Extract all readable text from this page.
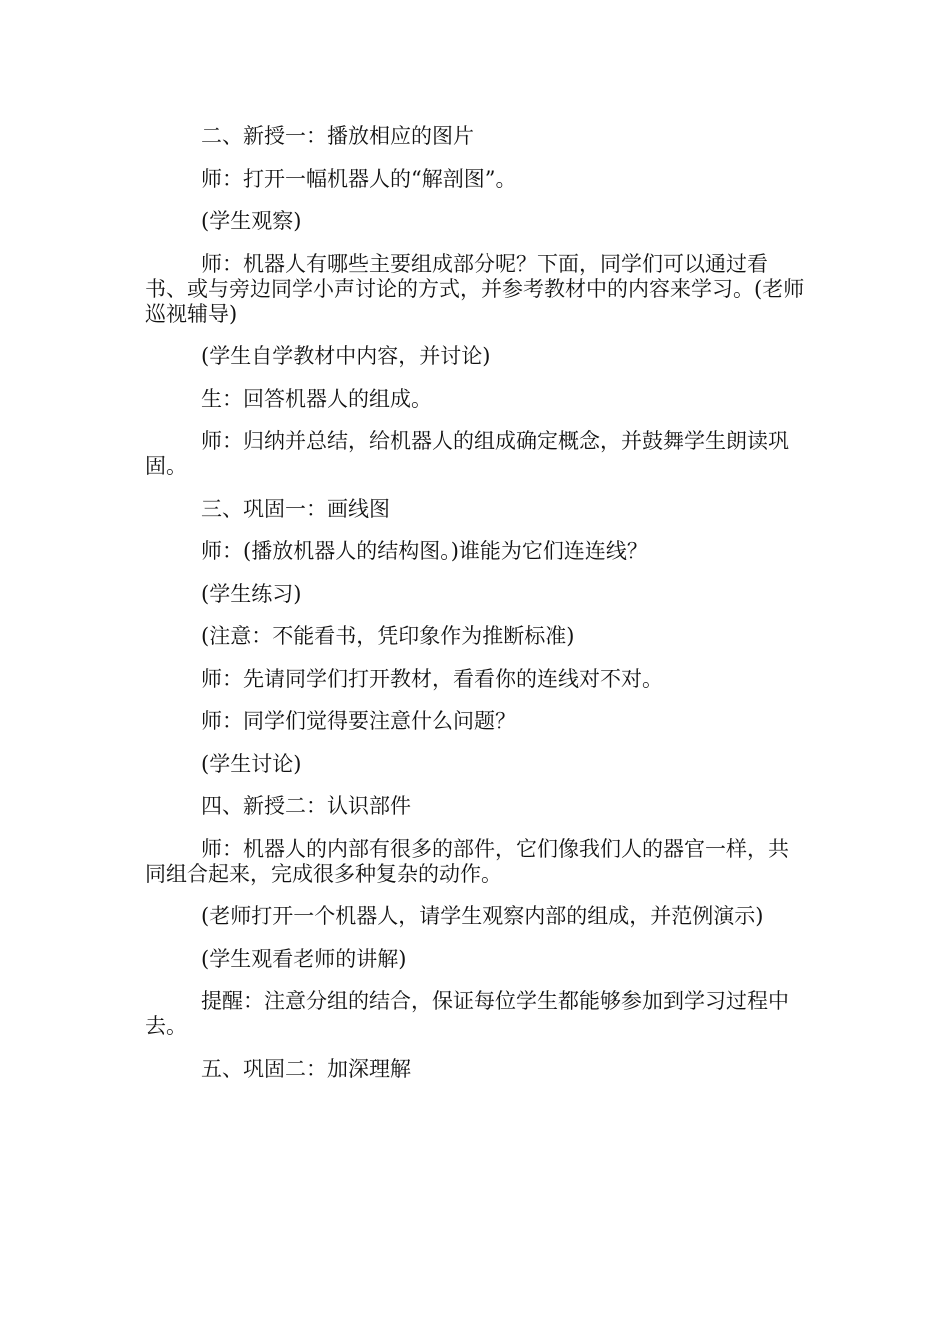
二、新授一：播放相应的图片

师：打开一幅机器人的“解剖图”。

(学生观察)

师：机器人有哪些主要组成部分呢？下面，同学们可以通过看书、或与旁边同学小声讨论的方式，并参考教材中的内容来学习。(老师巡视辅导)

(学生自学教材中内容，并讨论)

生：回答机器人的组成。

师：归纳并总结，给机器人的组成确定概念，并鼓舞学生朗读巩固。

三、巩固一：画线图

师：(播放机器人的结构图。)谁能为它们连连线？

(学生练习)

(注意：不能看书，凭印象作为推断标准)

师：先请同学们打开教材，看看你的连线对不对。

师：同学们觉得要注意什么问题？

(学生讨论)

四、新授二：认识部件

师：机器人的内部有很多的部件，它们像我们人的器官一样，共同组合起来，完成很多种复杂的动作。

(老师打开一个机器人，请学生观察内部的组成，并范例演示)

(学生观看老师的讲解)

提醒：注意分组的结合，保证每位学生都能够参加到学习过程中去。

五、巩固二：加深理解
